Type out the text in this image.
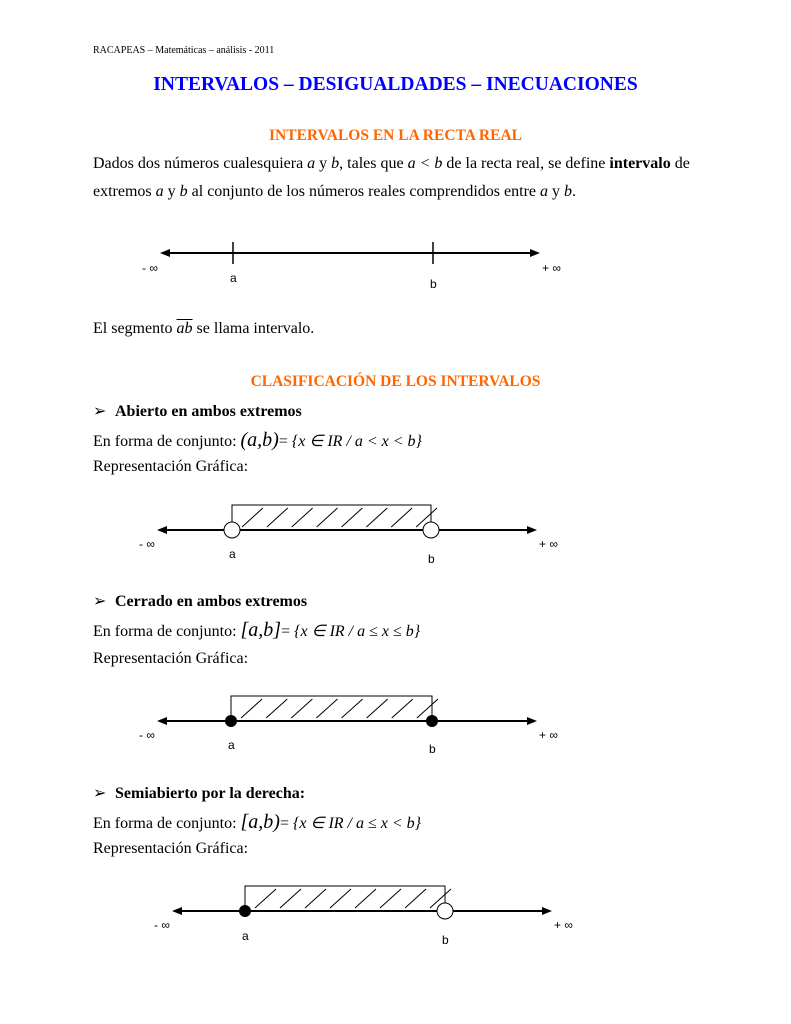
RACAPEAS – Matemáticas – análisis - 2011
INTERVALOS – DESIGUALDADES – INECUACIONES
INTERVALOS EN LA RECTA REAL
Dados dos números cualesquiera a y b, tales que a < b de la recta real, se define intervalo de
extremos a y b al conjunto de los números reales comprendidos entre a y b.
- ∞	+ ∞
a	b
El segmento $\overline{ab}$ se llama intervalo.
CLASIFICACIÓN DE LOS INTERVALOS
➢ Abierto en ambos extremos
En forma de conjunto: (a,b)= {x ∈ IR / a < x < b}
Representación Gráfica:
- ∞	+ ∞
a	b
➢ Cerrado en ambos extremos
En forma de conjunto: [a,b]= {x ∈ IR / a ≤ x ≤ b}
Representación Gráfica:
- ∞	+ ∞
a	b
➢ Semiabierto por la derecha:
En forma de conjunto: [a,b)= {x ∈ IR / a ≤ x < b}
Representación Gráfica:
- ∞	+ ∞
a	b
